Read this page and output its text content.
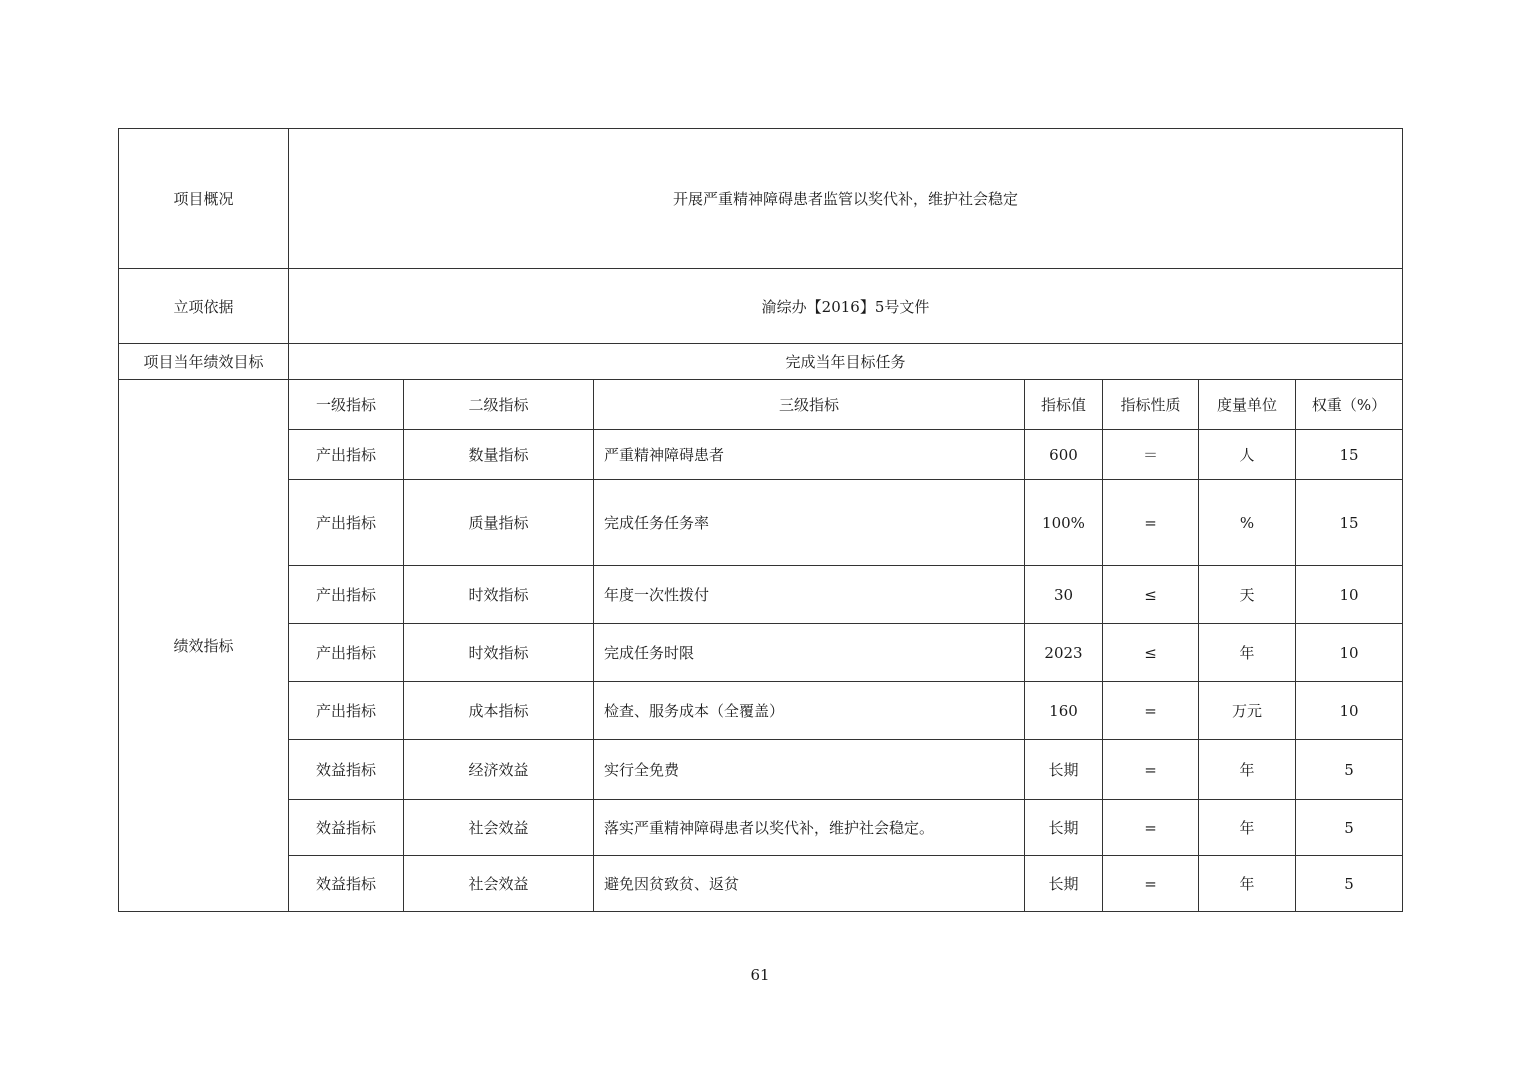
项目概况	开展严重精神障碍患者监管以奖代补，维护社会稳定						
立项依据	渝综办【2016】5号文件						
项目当年绩效目标	完成当年目标任务						
绩效指标	一级指标	二级指标	三级指标	指标值	指标性质	度量单位	权重（%）
	产出指标	数量指标	严重精神障碍患者	600	＝	人	15
	产出指标	质量指标	完成任务任务率	100%	=	%	15
	产出指标	时效指标	年度一次性拨付	30	≤	天	10
	产出指标	时效指标	完成任务时限	2023	≤	年	10
	产出指标	成本指标	检查、服务成本（全覆盖）	160	=	万元	10
	效益指标	经济效益	实行全免费	长期	=	年	5
	效益指标	社会效益	落实严重精神障碍患者以奖代补，维护社会稳定。	长期	=	年	5
	效益指标	社会效益	避免因贫致贫、返贫	长期	=	年	5
61
